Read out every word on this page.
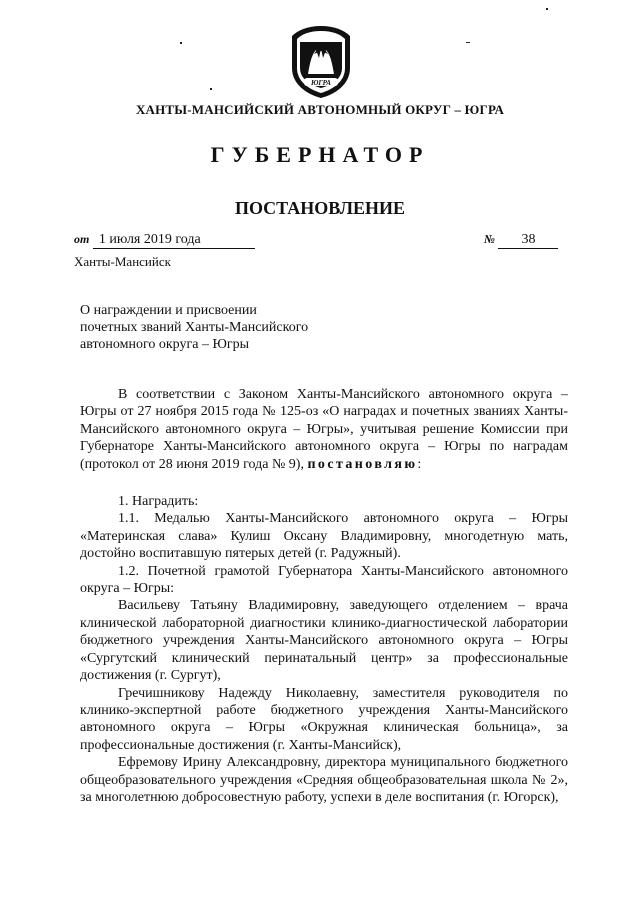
ЮГРА
ХАНТЫ-МАНСИЙСКИЙ АВТОНОМНЫЙ ОКРУГ – ЮГРА
ГУБЕРНАТОР
ПОСТАНОВЛЕНИЕ
от 1 июля 2019 года	№ 38
Ханты-Мансийск
О награждении и присвоении
почетных званий Ханты-Мансийского
автономного округа – Югры

В соответствии с Законом Ханты-Мансийского автономного округа – Югры от 27 ноября 2015 года № 125-оз «О наградах и почетных званиях Ханты-Мансийского автономного округа – Югры», учитывая решение Комиссии при Губернаторе Ханты-Мансийского автономного округа – Югры по наградам (протокол от 28 июня 2019 года № 9), постановляю:

1. Наградить:

1.1. Медалью Ханты-Мансийского автономного округа – Югры «Материнская слава» Кулиш Оксану Владимировну, многодетную мать, достойно воспитавшую пятерых детей (г. Радужный).

1.2. Почетной грамотой Губернатора Ханты-Мансийского автономного округа – Югры:

Васильеву Татьяну Владимировну, заведующего отделением – врача клинической лабораторной диагностики клинико-диагностической лаборатории бюджетного учреждения Ханты-Мансийского автономного округа – Югры «Сургутский клинический перинатальный центр» за профессиональные достижения (г. Сургут),

Гречишникову Надежду Николаевну, заместителя руководителя по клинико-экспертной работе бюджетного учреждения Ханты-Мансийского автономного округа – Югры «Окружная клиническая больница», за профессиональные достижения (г. Ханты-Мансийск),

Ефремову Ирину Александровну, директора муниципального бюджетного общеобразовательного учреждения «Средняя общеобразовательная школа № 2», за многолетнюю добросовестную работу, успехи в деле воспитания (г. Югорск),
